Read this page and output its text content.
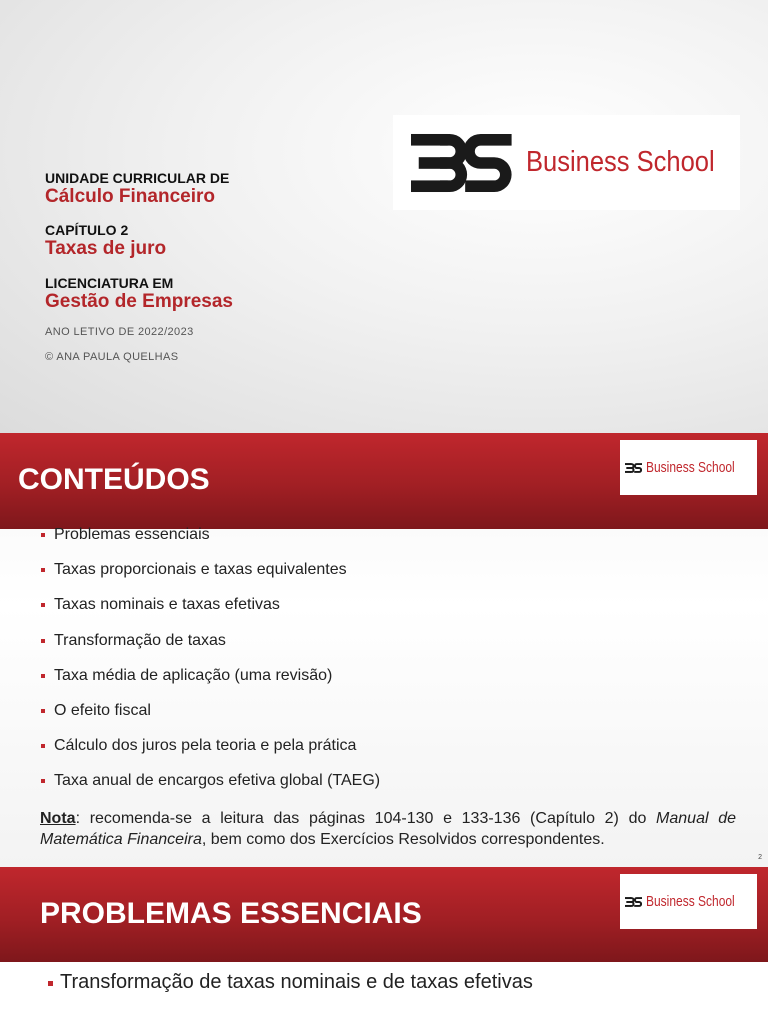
UNIDADE CURRICULAR DE
Cálculo Financeiro
CAPÍTULO 2
Taxas de juro
LICENCIATURA EM
Gestão de Empresas
ANO LETIVO DE 2022/2023
© ANA PAULA QUELHAS
Business School
CONTEÚDOS	Business School
Problemas essenciais
Taxas proporcionais e taxas equivalentes
Taxas nominais e taxas efetivas
Transformação de taxas
Taxa média de aplicação (uma revisão)
O efeito fiscal
Cálculo dos juros pela teoria e pela prática
Taxa anual de encargos efetiva global (TAEG)
Nota: recomenda-se a leitura das páginas 104-130 e 133-136 (Capítulo 2) do Manual de Matemática Financeira, bem como dos Exercícios Resolvidos correspondentes.
2
PROBLEMAS ESSENCIAIS	Business School
Transformação de taxas nominais e de taxas efetivas
